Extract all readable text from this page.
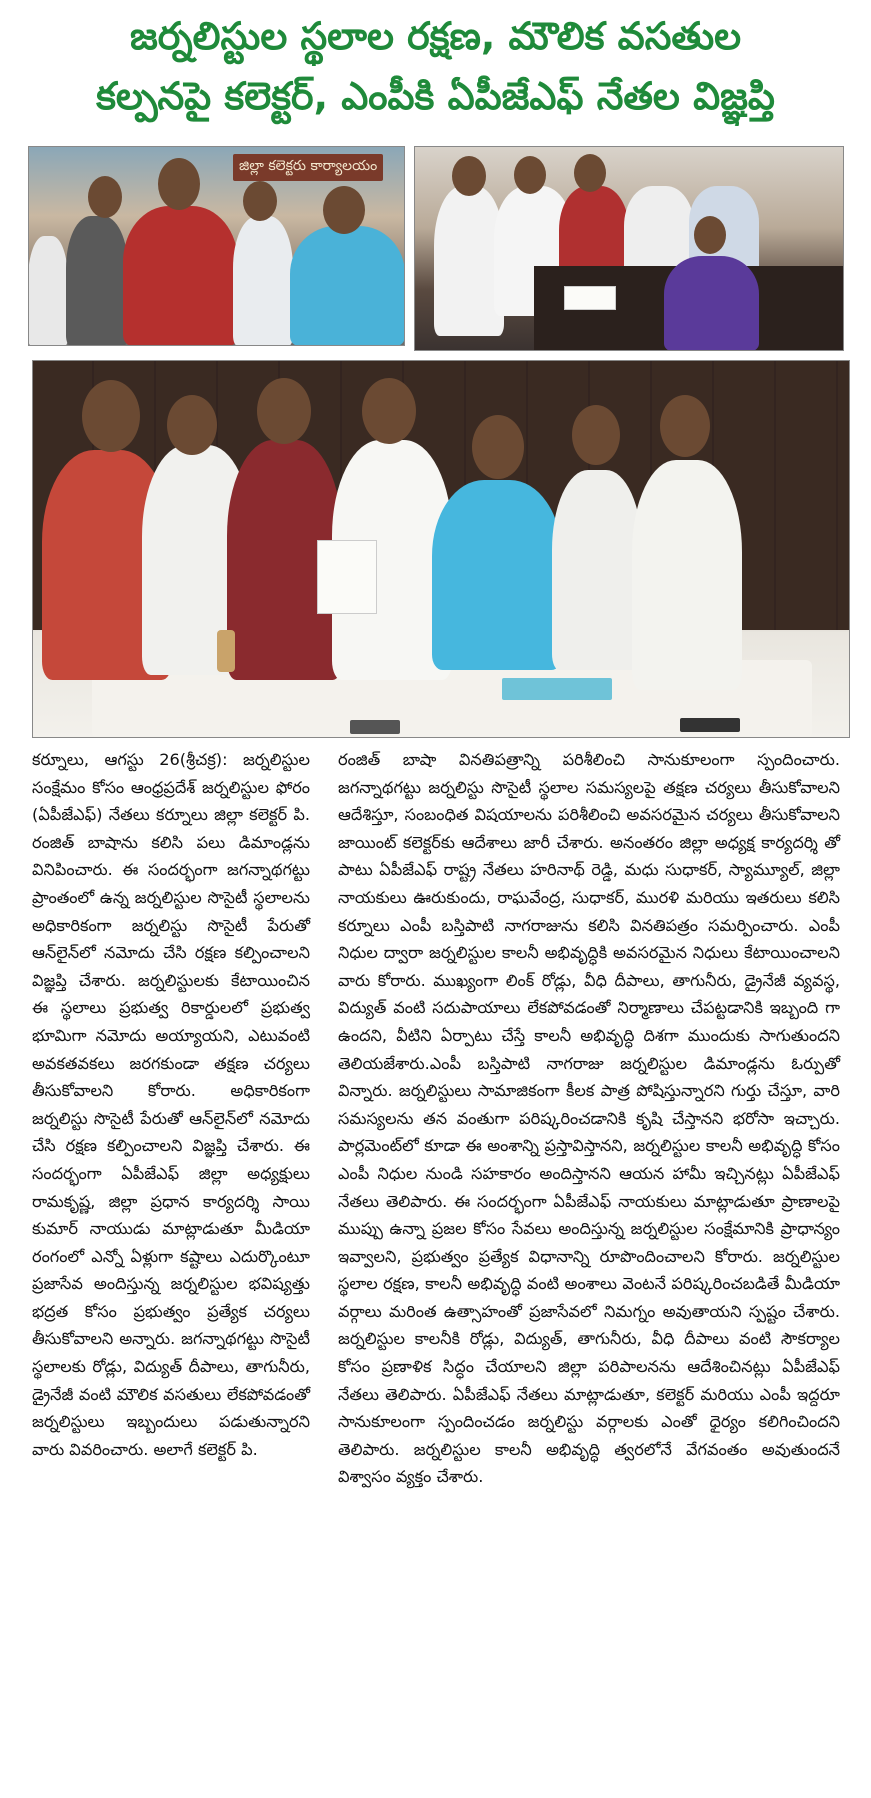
జర్నలిస్టుల స్థలాల రక్షణ, మౌలిక వసతుల
కల్పనపై కలెక్టర్, ఎంపీకి ఏపీజేఎఫ్ నేతల విజ్ఞప్తి
జిల్లా కలెక్టరు కార్యాలయం

కర్నూలు, ఆగస్టు 26(శ్రీచక్ర): జర్నలిస్టుల సంక్షేమం కోసం ఆంధ్రప్రదేశ్ జర్నలిస్టుల ఫోరం (ఏపీజేఎఫ్) నేతలు కర్నూలు జిల్లా కలెక్టర్ పి. రంజిత్ బాషాను కలిసి పలు డిమాండ్లను వినిపించారు. ఈ సందర్భంగా జగన్నాథగట్టు ప్రాంతంలో ఉన్న జర్నలిస్టుల సొసైటీ స్థలాలను అధికారికంగా జర్నలిస్టు సొసైటీ పేరుతో ఆన్‌లైన్‌లో నమోదు చేసి రక్షణ కల్పించాలని విజ్ఞప్తి చేశారు. జర్నలిస్టులకు కేటాయించిన ఈ స్థలాలు ప్రభుత్వ రికార్డులలో ప్రభుత్వ భూమిగా నమోదు అయ్యాయని, ఎటువంటి అవకతవకలు జరగకుండా తక్షణ చర్యలు తీసుకోవాలని కోరారు. అధికారికంగా జర్నలిస్టు సొసైటీ పేరుతో ఆన్‌లైన్‌లో నమోదు చేసి రక్షణ కల్పించాలని విజ్ఞప్తి చేశారు. ఈ సందర్భంగా ఏపీజేఎఫ్ జిల్లా అధ్యక్షులు రామకృష్ణ, జిల్లా ప్రధాన కార్యదర్శి సాయి కుమార్ నాయుడు మాట్లాడుతూ మీడియా రంగంలో ఎన్నో ఏళ్లుగా కష్టాలు ఎదుర్కొంటూ ప్రజాసేవ అందిస్తున్న జర్నలిస్టుల భవిష్యత్తు భద్రత కోసం ప్రభుత్వం ప్రత్యేక చర్యలు తీసుకోవాలని అన్నారు. జగన్నాథగట్టు సొసైటీ స్థలాలకు రోడ్లు, విద్యుత్ దీపాలు, తాగునీరు, డ్రైనేజీ వంటి మౌలిక వసతులు లేకపోవడంతో జర్నలిస్టులు ఇబ్బందులు పడుతున్నారని వారు వివరించారు. అలాగే కలెక్టర్ పి.

రంజిత్ బాషా వినతిపత్రాన్ని పరిశీలించి సానుకూలంగా స్పందించారు. జగన్నాథగట్టు జర్నలిస్టు సొసైటీ స్థలాల సమస్యలపై తక్షణ చర్యలు తీసుకోవాలని ఆదేశిస్తూ, సంబంధిత విషయాలను పరిశీలించి అవసరమైన చర్యలు తీసుకోవాలని జాయింట్ కలెక్టర్‌కు ఆదేశాలు జారీ చేశారు. అనంతరం జిల్లా అధ్యక్ష కార్యదర్శి తో పాటు ఏపీజేఎఫ్ రాష్ట్ర నేతలు హరినాథ్ రెడ్డి, మధు సుధాకర్, స్యామ్యూల్, జిల్లా నాయకులు ఊరుకుందు, రాఘవేంద్ర, సుధాకర్, మురళి మరియు ఇతరులు కలిసి కర్నూలు ఎంపీ బస్తిపాటి నాగరాజును కలిసి వినతిపత్రం సమర్పించారు. ఎంపీ నిధుల ద్వారా జర్నలిస్టుల కాలనీ అభివృద్ధికి అవసరమైన నిధులు కేటాయించాలని వారు కోరారు. ముఖ్యంగా లింక్ రోడ్లు, వీధి దీపాలు, తాగునీరు, డ్రైనేజీ వ్యవస్థ, విద్యుత్ వంటి సదుపాయాలు లేకపోవడంతో నిర్మాణాలు చేపట్టడానికి ఇబ్బంది గా ఉందని, వీటిని ఏర్పాటు చేస్తే కాలనీ అభివృద్ధి దిశగా ముందుకు సాగుతుందని తెలియజేశారు.ఎంపీ బస్తిపాటి నాగరాజు జర్నలిస్టుల డిమాండ్లను ఓర్పుతో విన్నారు. జర్నలిస్టులు సామాజికంగా కీలక పాత్ర పోషిస్తున్నారని గుర్తు చేస్తూ, వారి సమస్యలను తన వంతుగా పరిష్కరించడానికి కృషి చేస్తానని భరోసా ఇచ్చారు. పార్లమెంట్‌లో కూడా ఈ అంశాన్ని ప్రస్తావిస్తానని, జర్నలిస్టుల కాలనీ అభివృద్ధి కోసం ఎంపీ నిధుల నుండి సహకారం అందిస్తానని ఆయన హామీ ఇచ్చినట్లు ఏపీజేఎఫ్ నేతలు తెలిపారు. ఈ సందర్భంగా ఏపీజేఎఫ్ నాయకులు మాట్లాడుతూ ప్రాణాలపై ముప్పు ఉన్నా ప్రజల కోసం సేవలు అందిస్తున్న జర్నలిస్టుల సంక్షేమానికి ప్రాధాన్యం ఇవ్వాలని, ప్రభుత్వం ప్రత్యేక విధానాన్ని రూపొందించాలని కోరారు. జర్నలిస్టుల స్థలాల రక్షణ, కాలనీ అభివృద్ధి వంటి అంశాలు వెంటనే పరిష్కరించబడితే మీడియా వర్గాలు మరింత ఉత్సాహంతో ప్రజాసేవలో నిమగ్నం అవుతాయని స్పష్టం చేశారు. జర్నలిస్టుల కాలనీకి రోడ్లు, విద్యుత్, తాగునీరు, వీధి దీపాలు వంటి సౌకర్యాల కోసం ప్రణాళిక సిద్ధం చేయాలని జిల్లా పరిపాలనను ఆదేశించినట్లు ఏపీజేఎఫ్ నేతలు తెలిపారు. ఏపీజేఎఫ్ నేతలు మాట్లాడుతూ, కలెక్టర్ మరియు ఎంపీ ఇద్దరూ సానుకూలంగా స్పందించడం జర్నలిస్టు వర్గాలకు ఎంతో ధైర్యం కలిగించిందని తెలిపారు. జర్నలిస్టుల కాలనీ అభివృద్ధి త్వరలోనే వేగవంతం అవుతుందనే విశ్వాసం వ్యక్తం చేశారు.
